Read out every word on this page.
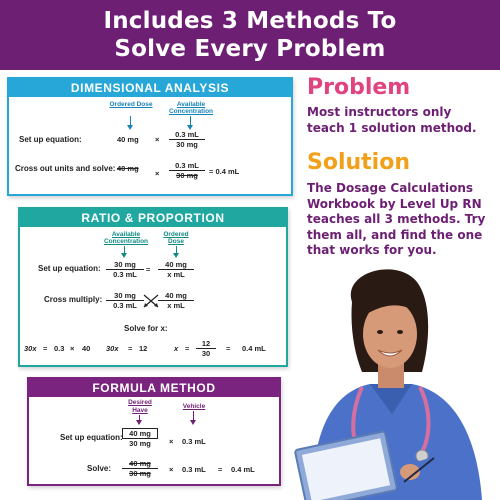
Includes 3 Methods To
Solve Every Problem
DIMENSIONAL ANALYSIS
Ordered Dose	Available Concentration
Set up equation:	40 mg × $\frac{0.3 mL}{30 mg}$
Cross out units and solve: 40 mg
× $\frac{0.3 mL}{30 mg} = 0.4$ mL
RATIO & PROPORTION
Available Concentration
Ordered Dose
Set up equation: $\frac{30 mg}{0.3 mL} = \frac{40 mg}{\text{x mL}}$
Cross multiply: $\frac{30 mg}{0.3 mL} \frac{40 mg}{\text{x mL}}$
Solve for x:
30x = 0.3 × 40 30x = 12	$x = \frac{12}{30} = 0.4$ mL
FORMULA METHOD
Desired
Have
Vehicle
Set up equation: $\frac{40 mg}{30 mg} \times 0.3$ mL
Solve: $\frac{40 mg}{30 mg} \times 0.3$ mL = 0.4 mL
Problem
Most instructors only
teach 1 solution method.
Solution
The Dosage Calculations
Workbook by Level Up RN
teaches all 3 methods. Try
them all, and find the one
that works for you.
